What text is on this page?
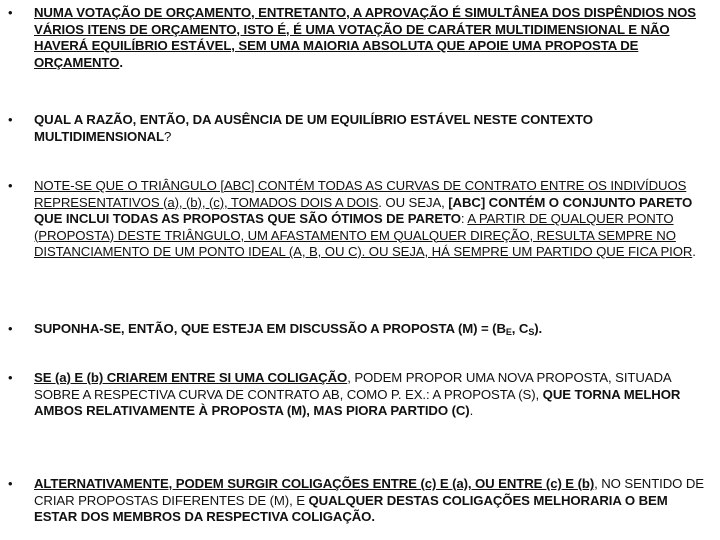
•	NUMA VOTAÇÃO DE ORÇAMENTO, ENTRETANTO, A APROVAÇÃO É SIMULTÂNEA DOS DISPÊNDIOS NOS VÁRIOS ITENS DE ORÇAMENTO, ISTO É, É UMA VOTAÇÃO DE CARÁTER MULTIDIMENSIONAL E NÃO HAVERÁ EQUILÍBRIO ESTÁVEL, SEM UMA MAIORIA ABSOLUTA QUE APOIE UMA PROPOSTA DE ORÇAMENTO.
•	QUAL A RAZÃO, ENTÃO, DA AUSÊNCIA DE UM EQUILÍBRIO ESTÁVEL NESTE CONTEXTO MULTIDIMENSIONAL?
•	NOTE-SE QUE O TRIÂNGULO [ABC] CONTÉM TODAS AS CURVAS DE CONTRATO ENTRE OS INDIVÍDUOS REPRESENTATIVOS (a), (b), (c), TOMADOS DOIS A DOIS. OU SEJA, [ABC] CONTÉM O CONJUNTO PARETO QUE INCLUI TODAS AS PROPOSTAS QUE SÃO ÓTIMOS DE PARETO: A PARTIR DE QUALQUER PONTO (PROPOSTA) DESTE TRIÂNGULO, UM AFASTAMENTO EM QUALQUER DIREÇÃO, RESULTA SEMPRE NO DISTANCIAMENTO DE UM PONTO IDEAL (A, B, OU C). OU SEJA, HÁ SEMPRE UM PARTIDO QUE FICA PIOR.
•	SUPONHA-SE, ENTÃO, QUE ESTEJA EM DISCUSSÃO A PROPOSTA $(M) = (B_E$, $C_S$).
•	SE (a) E (b) CRIAREM ENTRE SI UMA COLIGAÇÃO, PODEM PROPOR UMA NOVA PROPOSTA, SITUADA SOBRE A RESPECTIVA CURVA DE CONTRATO AB, COMO P. EX.: A PROPOSTA (S), QUE TORNA MELHOR AMBOS RELATIVAMENTE À PROPOSTA (M), MAS PIORA PARTIDO (C).
•	ALTERNATIVAMENTE, PODEM SURGIR COLIGAÇÕES ENTRE (c) E (a), OU ENTRE (c) E (b), NO SENTIDO DE CRIAR PROPOSTAS DIFERENTES DE (M), E QUALQUER DESTAS COLIGAÇÕES MELHORARIA O BEM ESTAR DOS MEMBROS DA RESPECTIVA COLIGAÇÃO.
